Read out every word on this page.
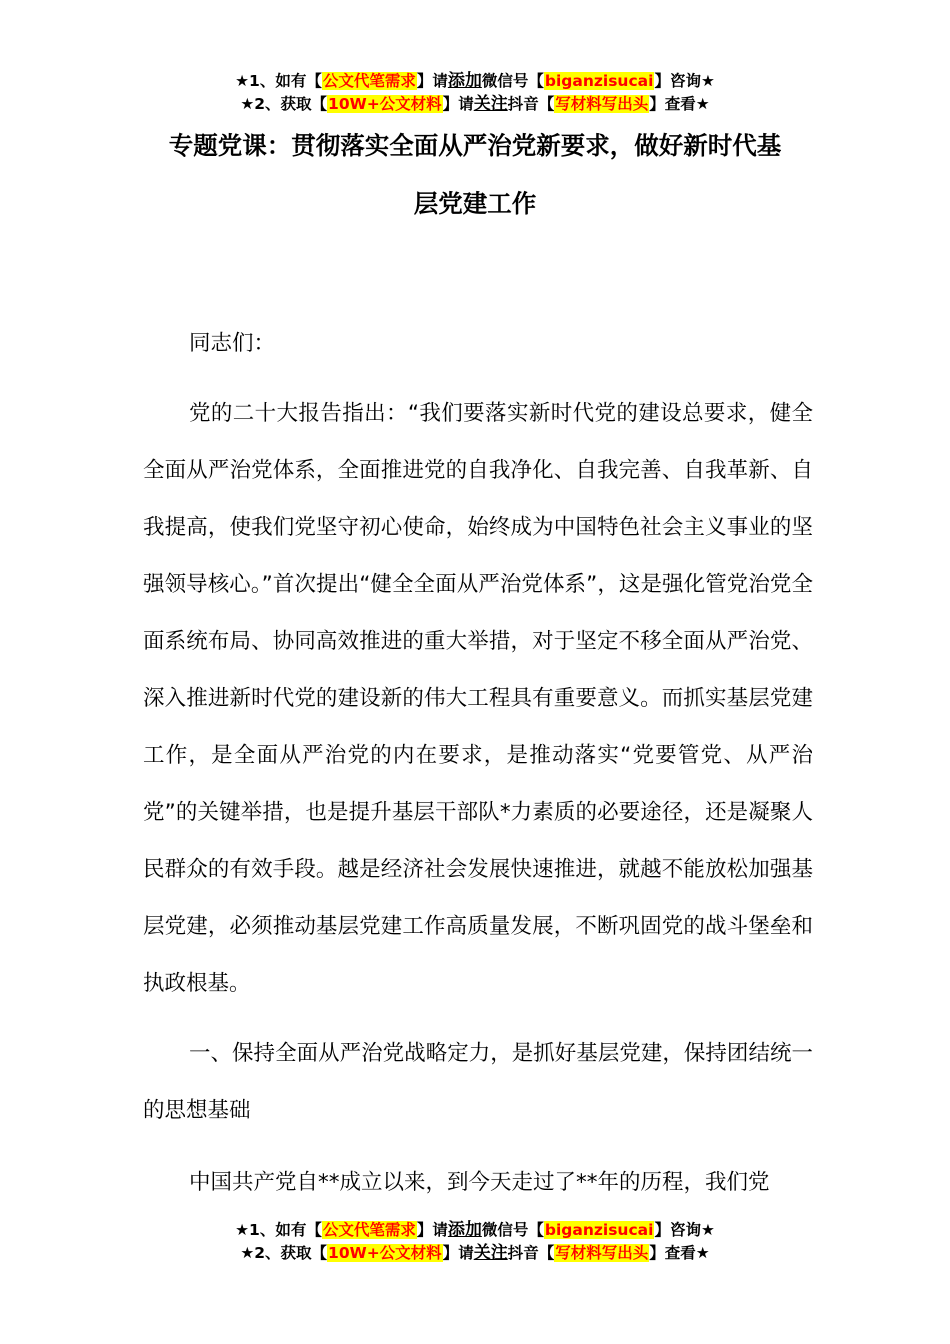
★1、如有【公文代笔需求】请添加微信号【biganzisucai】咨询★
★2、获取【10W+公文材料】请关注抖音【写材料写出头】查看★
专题党课：贯彻落实全面从严治党新要求，做好新时代基
层党建工作

同志们：

党的二十大报告指出：“我们要落实新时代党的建设总要求，健全全面从严治党体系，全面推进党的自我净化、自我完善、自我革新、自我提高，使我们党坚守初心使命，始终成为中国特色社会主义事业的坚强领导核心。”首次提出“健全全面从严治党体系”，这是强化管党治党全面系统布局、协同高效推进的重大举措，对于坚定不移全面从严治党、深入推进新时代党的建设新的伟大工程具有重要意义。而抓实基层党建工作，是全面从严治党的内在要求，是推动落实“党要管党、从严治党”的关键举措，也是提升基层干部队*力素质的必要途径，还是凝聚人民群众的有效手段。越是经济社会发展快速推进，就越不能放松加强基层党建，必须推动基层党建工作高质量发展，不断巩固党的战斗堡垒和执政根基。

一、保持全面从严治党战略定力，是抓好基层党建，保持团结统一的思想基础

中国共产党自**成立以来，到今天走过了**年的历程，我们党

★1、如有【公文代笔需求】请添加微信号【biganzisucai】咨询★
★2、获取【10W+公文材料】请关注抖音【写材料写出头】查看★
